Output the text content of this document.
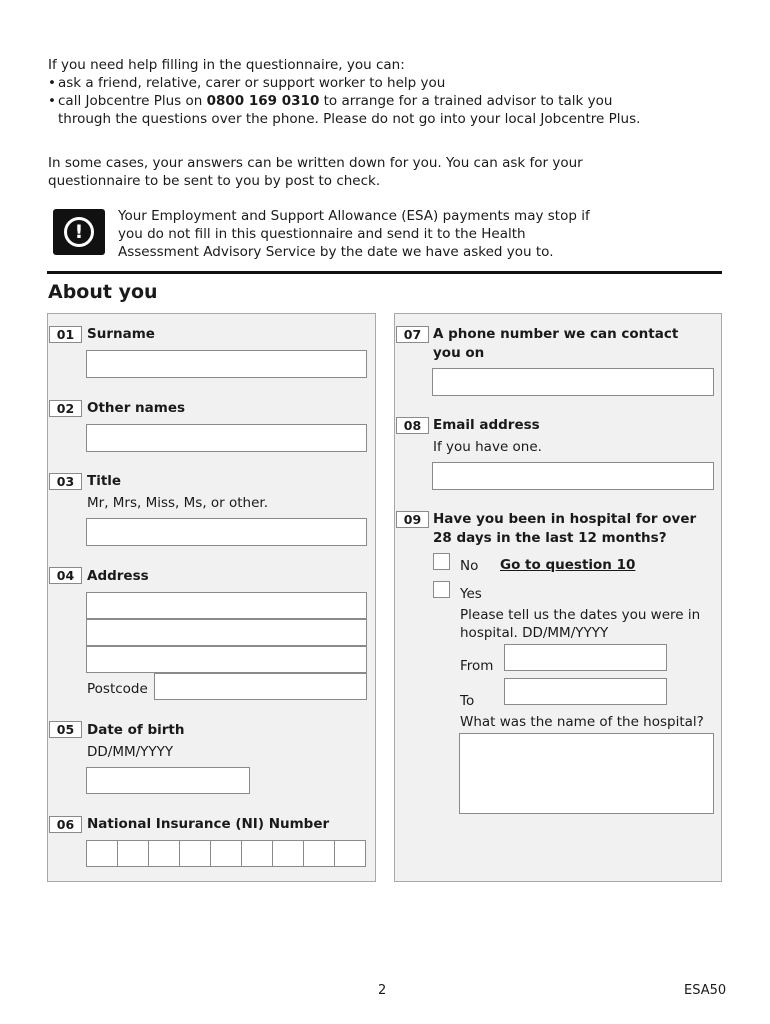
If you need help filling in the questionnaire, you can:

• ask a friend, relative, carer or support worker to help you
• call Jobcentre Plus on 0800 169 0310 to arrange for a trained advisor to talk you through the questions over the phone. Please do not go into your local Jobcentre Plus.

In some cases, your answers can be written down for you. You can ask for your questionnaire to be sent to you by post to check.

!

Your Employment and Support Allowance (ESA) payments may stop if you do not fill in this questionnaire and send it to the Health Assessment Advisory Service by the date we have asked you to.

About you
01 Surname
02 Other names
03 Title
Mr, Mrs, Miss, Ms, or other.
04 Address
Postcode
05 Date of birth
DD/MM/YYYY
06 National Insurance (NI) Number
07 A phone number we can contact you on
08 Email address
If you have one.
09 Have you been in hospital for over 28 days in the last 12 months?
No Go to question 10
Yes
Please tell us the dates you were in hospital. DD/MM/YYYY
From
To
What was the name of the hospital?
2	ESA50
